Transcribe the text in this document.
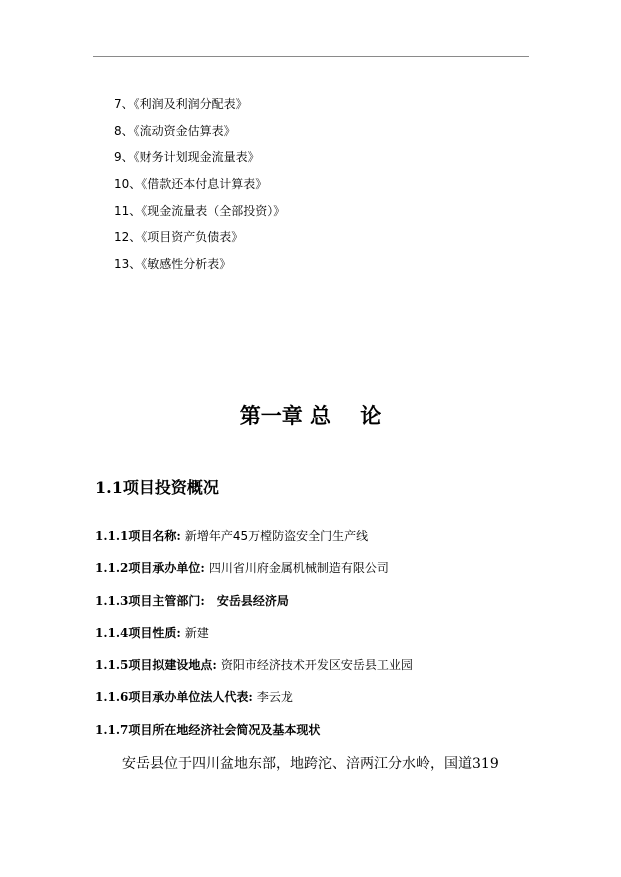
7、《利润及利润分配表》
8、《流动资金估算表》
9、《财务计划现金流量表》
10、《借款还本付息计算表》
11、《现金流量表（全部投资）》
12、《项目资产负债表》
13、《敏感性分析表》
第一章 总    论
1.1项目投资概况
1.1.1项目名称: 新增年产45万樘防盗安全门生产线
1.1.2项目承办单位: 四川省川府金属机械制造有限公司
1.1.3项目主管部门: 安岳县经济局
1.1.4项目性质: 新建
1.1.5项目拟建设地点: 资阳市经济技术开发区安岳县工业园
1.1.6项目承办单位法人代表: 李云龙
1.1.7项目所在地经济社会简况及基本现状
安岳县位于四川盆地东部，地跨沱、涪两江分水岭，国道319
